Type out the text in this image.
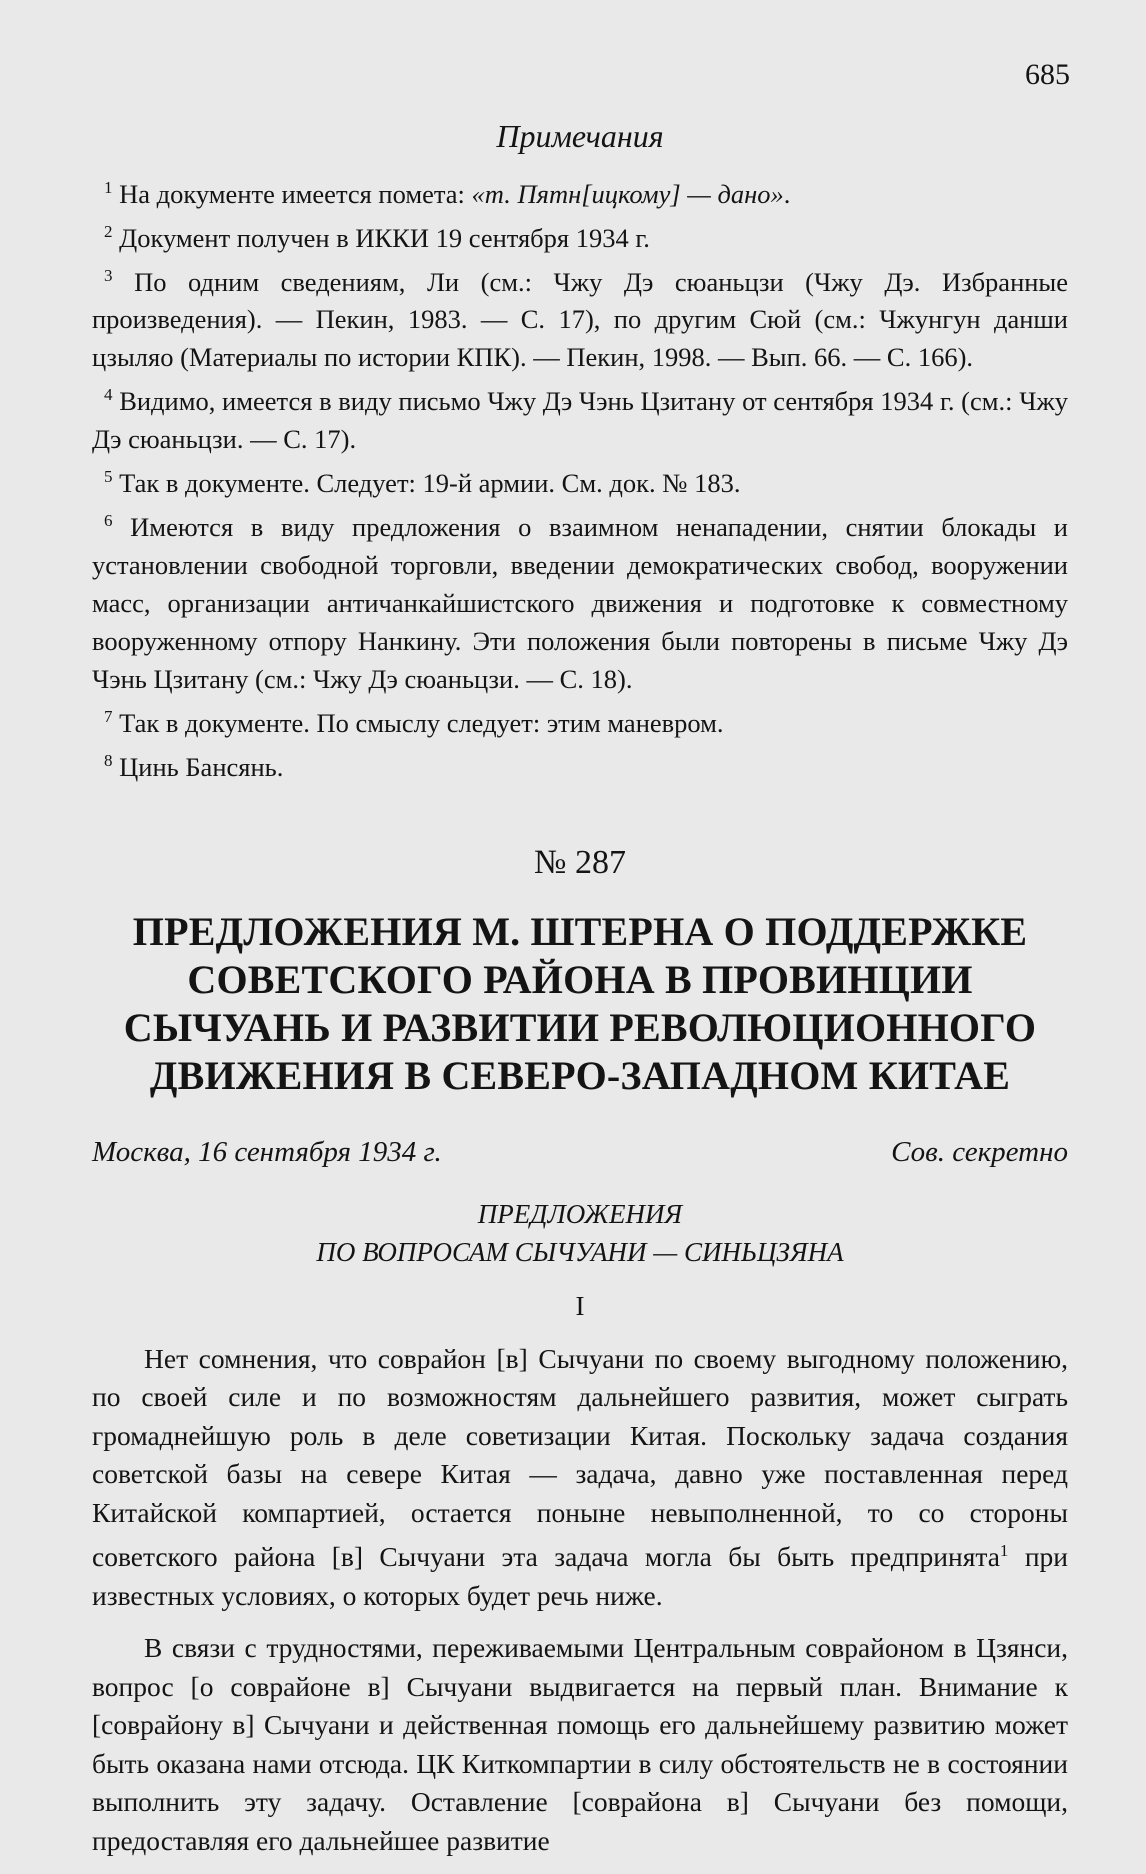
685
Примечания

$^1$ На документе имеется помета: «т. Пятн[ицкому] — дано».

$^2$ Документ получен в ИККИ 19 сентября 1934 г.

$^3$ По одним сведениям, Ли (см.: Чжу Дэ сюаньцзи (Чжу Дэ. Избранные произведения). — Пекин, 1983. — С. 17), по другим Сюй (см.: Чжунгун данши цзыляо (Материалы по истории КПК). — Пекин, 1998. — Вып. 66. — С. 166).

$^4$ Видимо, имеется в виду письмо Чжу Дэ Чэнь Цзитану от сентября 1934 г. (см.: Чжу Дэ сюаньцзи. — С. 17).

$^5$ Так в документе. Следует: 19-й армии. См. док. № 183.

$^6$ Имеются в виду предложения о взаимном ненападении, снятии блокады и установлении свободной торговли, введении демократических свобод, вооружении масс, организации античанкайшистского движения и подготовке к совместному вооруженному отпору Нанкину. Эти положения были повторены в письме Чжу Дэ Чэнь Цзитану (см.: Чжу Дэ сюаньцзи. — С. 18).

$^7$ Так в документе. По смыслу следует: этим маневром.

$^8$ Цинь Бансянь.

№ 287
ПРЕДЛОЖЕНИЯ М. ШТЕРНА О ПОДДЕРЖКЕ СОВЕТСКОГО РАЙОНА В ПРОВИНЦИИ СЫЧУАНЬ И РАЗВИТИИ РЕВОЛЮЦИОННОГО ДВИЖЕНИЯ В СЕВЕРО-ЗАПАДНОМ КИТАЕ
Москва, 16 сентября 1934 г.	Сов. секретно
ПРЕДЛОЖЕНИЯ
ПО ВОПРОСАМ СЫЧУАНИ — СИНЬЦЗЯНА
I

Нет сомнения, что соврайон [в] Сычуани по своему выгодному положению, по своей силе и по возможностям дальнейшего развития, может сыграть громаднейшую роль в деле советизации Китая. Поскольку задача создания советской базы на севере Китая — задача, давно уже поставленная перед Китайской компартией, остается поныне невыполненной, то со стороны советского района [в] Сычуани эта задача могла бы быть предпринята$^1$ при известных условиях, о которых будет речь ниже.

В связи с трудностями, переживаемыми Центральным соврайоном в Цзянси, вопрос [о соврайоне в] Сычуани выдвигается на первый план. Внимание к [соврайону в] Сычуани и действенная помощь его дальнейшему развитию может быть оказана нами отсюда. ЦК Киткомпартии в силу обстоятельств не в состоянии выполнить эту задачу. Оставление [соврайона в] Сычуани без помощи, предоставляя его дальнейшее развитие
